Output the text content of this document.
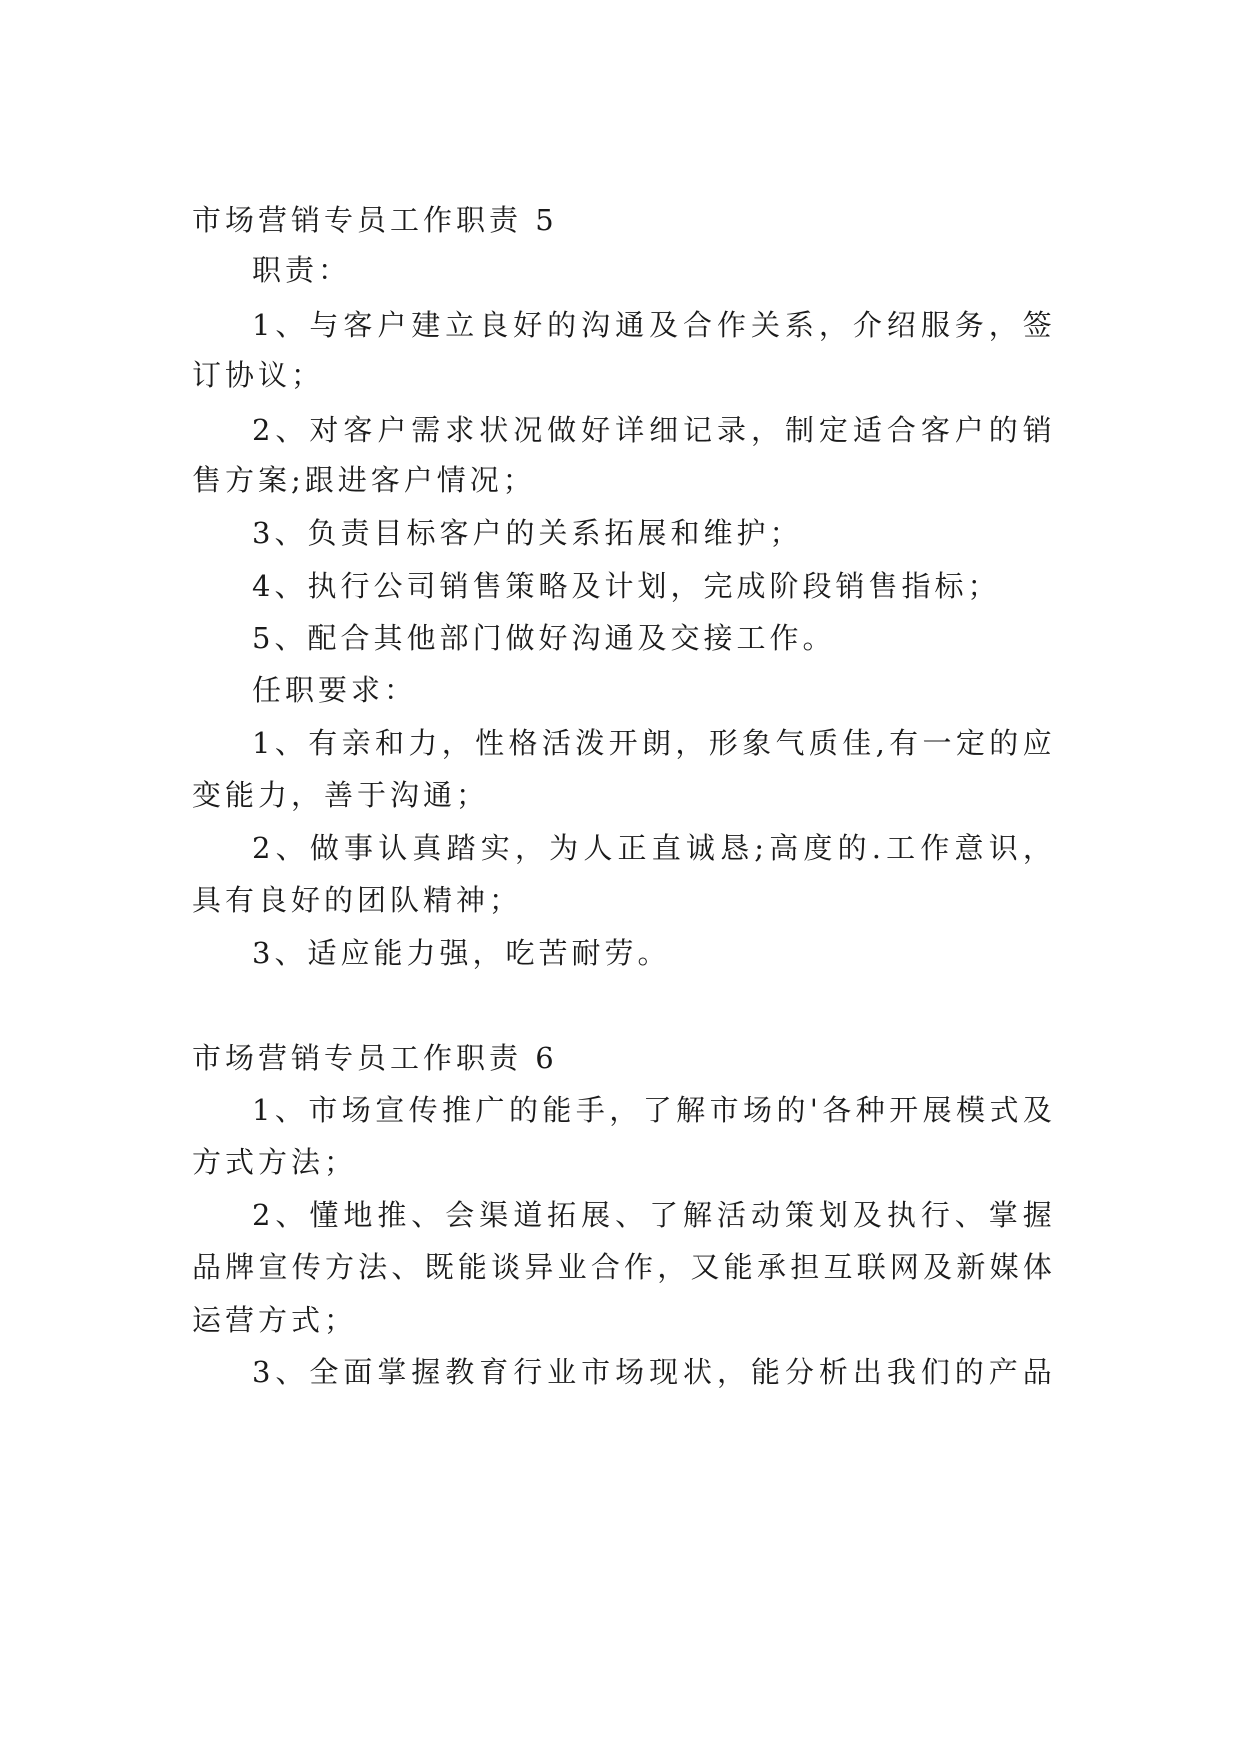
市场营销专员工作职责 5
职责：
1 、 与 客 户 建 立 良 好 的 沟 通 及 合 作 关 系 ， 介 绍 服 务 ， 签
订协议；
2 、 对 客 户 需 求 状 况 做 好 详 细 记 录 ， 制 定 适 合 客 户 的 销
售方案;跟进客户情况；
3、负责目标客户的关系拓展和维护；
4、执行公司销售策略及计划，完成阶段销售指标；
5、配合其他部门做好沟通及交接工作。
任职要求：
1 、 有 亲 和 力 ， 性 格 活 泼 开 朗 ， 形 象 气 质 佳 , 有 一 定 的 应
变能力，善于沟通；
2 、 做 事 认 真 踏 实 ， 为 人 正 直 诚 恳 ; 高 度 的 . 工 作 意 识 ，
具有良好的团队精神；
3、适应能力强，吃苦耐劳。
市场营销专员工作职责 6
1 、 市 场 宣 传 推 广 的 能 手 ， 了 解 市 场 的 ' 各 种 开 展 模 式 及
方式方法；
2 、 懂 地 推 、 会 渠 道 拓 展 、 了 解 活 动 策 划 及 执 行 、 掌 握
品 牌 宣 传 方 法 、 既 能 谈 异 业 合 作 ， 又 能 承 担 互 联 网 及 新 媒 体
运营方式；
3 、 全 面 掌 握 教 育 行 业 市 场 现 状 ， 能 分 析 出 我 们 的 产 品
